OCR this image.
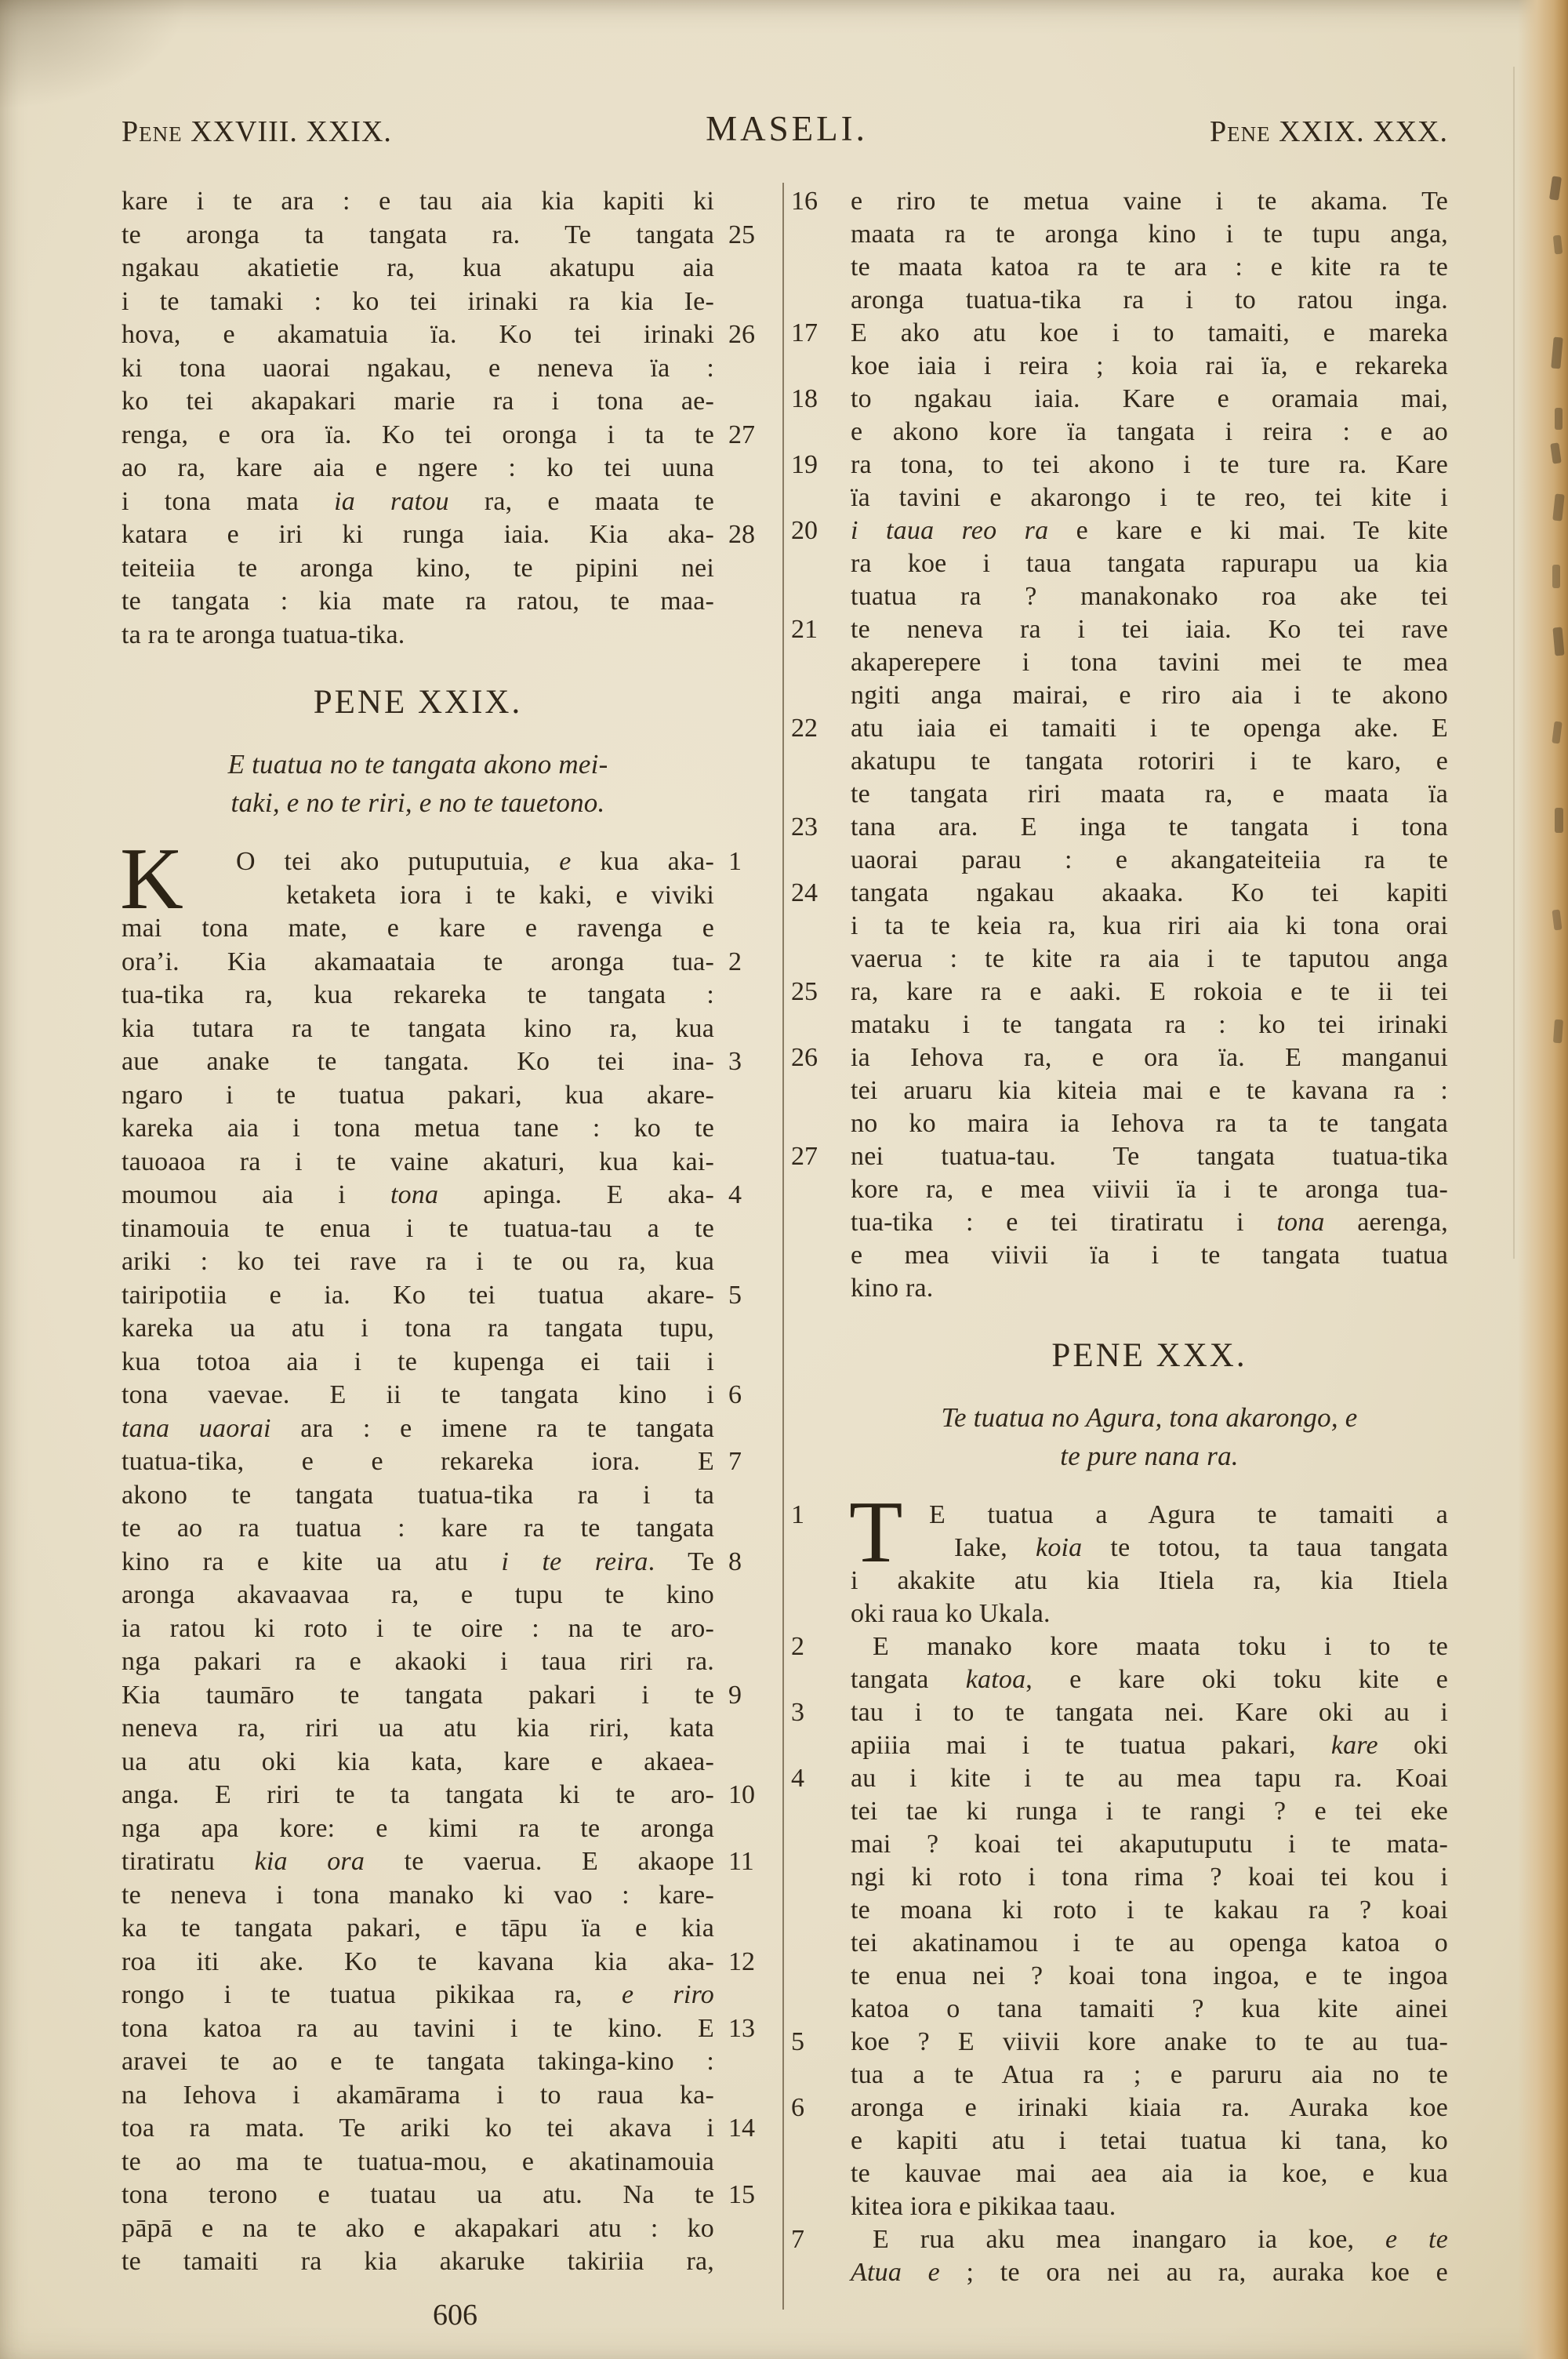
Pene XXVIII. XXIX.	MASELI.	Pene XXIX. XXX.
kare i te ara : e tau aia kia kapiti ki
te aronga ta tangata ra. Te tangata 25
ngakau akatietie ra, kua akatupu aia
i te tamaki : ko tei irinaki ra kia Ie-
hova, e akamatuia ïa. Ko tei irinaki 26
ki tona uaorai ngakau, e neneva ïa :
ko tei akapakari marie ra i tona ae-
renga, e ora ïa. Ko tei oronga i ta te 27
ao ra, kare aia e ngere : ko tei uuna
i tona mata ia ratou ra, e maata te
katara e iri ki runga iaia. Kia aka- 28
teiteiia te aronga kino, te pipini nei
te tangata : kia mate ra ratou, te maa-
ta ra te aronga tuatua-tika.
PENE XXIX.
E tuatua no te tangata akono mei-
taki, e no te riri, e no te tauetono.
K	O tei ako putuputuia, e kua aka- 1
ketaketa iora i te kaki, e viviki
mai tona mate, e kare e ravenga e
ora’i. Kia akamaataia te aronga tua- 2
tua-tika ra, kua rekareka te tangata :
kia tutara ra te tangata kino ra, kua
aue anake te tangata. Ko tei ina- 3
ngaro i te tuatua pakari, kua akare-
kareka aia i tona metua tane : ko te
tauoaoa ra i te vaine akaturi, kua kai-
moumou aia i tona apinga. E aka- 4
tinamouia te enua i te tuatua-tau a te
ariki : ko tei rave ra i te ou ra, kua
tairipotiia e ia. Ko tei tuatua akare- 5
kareka ua atu i tona ra tangata tupu,
kua totoa aia i te kupenga ei taii i
tona vaevae. E ii te tangata kino i 6
tana uaorai ara : e imene ra te tangata
tuatua-tika, e e rekareka iora. E 7
akono te tangata tuatua-tika ra i ta
te ao ra tuatua : kare ra te tangata
kino ra e kite ua atu i te reira. Te 8
aronga akavaavaa ra, e tupu te kino
ia ratou ki roto i te oire : na te aro-
nga pakari ra e akaoki i taua riri ra.
Kia taumāro te tangata pakari i te 9
neneva ra, riri ua atu kia riri, kata
ua atu oki kia kata, kare e akaea-
anga. E riri te ta tangata ki te aro- 10
nga apa kore: e kimi ra te aronga
tiratiratu kia ora te vaerua. E akaope 11
te neneva i tona manako ki vao : kare-
ka te tangata pakari, e tāpu ïa e kia
roa iti ake. Ko te kavana kia aka- 12
rongo i te tuatua pikikaa ra, e riro
tona katoa ra au tavini i te kino. E 13
aravei te ao e te tangata takinga-kino :
na Iehova i akamārama i to raua ka-
toa ra mata. Te ariki ko tei akava i 14
te ao ma te tuatua-mou, e akatinamouia
tona terono e tuatau ua atu. Na te 15
pāpā e na te ako e akapakari atu : ko
te tamaiti ra kia akaruke takiriia ra,
e riro te metua vaine i te akama. Te
16
maata ra te aronga kino i te tupu anga,
te maata katoa ra te ara : e kite ra te
aronga tuatua-tika ra i to ratou inga.
E ako atu koe i to tamaiti, e mareka
17
koe iaia i reira ; koia rai ïa, e rekareka
to ngakau iaia. Kare e oramaia mai,
18
e akono kore ïa tangata i reira : e ao
ra tona, to tei akono i te ture ra. Kare
19
ïa tavini e akarongo i te reo, tei kite i
i taua reo ra e kare e ki mai. Te kite
20
ra koe i taua tangata rapurapu ua kia
tuatua ra ? manakonako roa ake tei
te neneva ra i tei iaia. Ko tei rave
21
akaperepere i tona tavini mei te mea
ngiti anga mairai, e riro aia i te akono
atu iaia ei tamaiti i te openga ake. E
22
akatupu te tangata rotoriri i te karo, e
te tangata riri maata ra, e maata ïa
tana ara. E inga te tangata i tona
23
uaorai parau : e akangateiteiia ra te
tangata ngakau akaaka. Ko tei kapiti
24
i ta te keia ra, kua riri aia ki tona orai
vaerua : te kite ra aia i te taputou anga
ra, kare ra e aaki. E rokoia e te ii tei
25
mataku i te tangata ra : ko tei irinaki
ia Iehova ra, e ora ïa. E manganui
26
tei aruaru kia kiteia mai e te kavana ra :
no ko maira ia Iehova ra ta te tangata
nei tuatua-tau. Te tangata tuatua-tika
27
kore ra, e mea viivii ïa i te aronga tua-
tua-tika : e tei tiratiratu i tona aerenga,
e mea viivii ïa i te tangata tuatua
kino ra.
PENE XXX.
Te tuatua no Agura, tona akarongo, e
te pure nana ra.
T E tuatua a Agura te tamaiti a
1
Iake, koia te totou, ta taua tangata
i akakite atu kia Itiela ra, kia Itiela
oki raua ko Ukala.
E manako kore maata toku i to te
2
tangata katoa, e kare oki toku kite e
tau i to te tangata nei. Kare oki au i
3
apiiia mai i te tuatua pakari, kare oki
au i kite i te au mea tapu ra. Koai
4
tei tae ki runga i te rangi ? e tei eke
mai ? koai tei akaputuputu i te mata-
ngi ki roto i tona rima ? koai tei kou i
te moana ki roto i te kakau ra ? koai
tei akatinamou i te au openga katoa o
te enua nei ? koai tona ingoa, e te ingoa
katoa o tana tamaiti ? kua kite ainei
koe ? E viivii kore anake to te au tua-
5
tua a te Atua ra ; e paruru aia no te
aronga e irinaki kiaia ra. Auraka koe
6
e kapiti atu i tetai tuatua ki tana, ko
te kauvae mai aea aia ia koe, e kua
kitea iora e pikikaa taau.
E rua aku mea inangaro ia koe, e te
7
Atua e ; te ora nei au ra, auraka koe e
606
